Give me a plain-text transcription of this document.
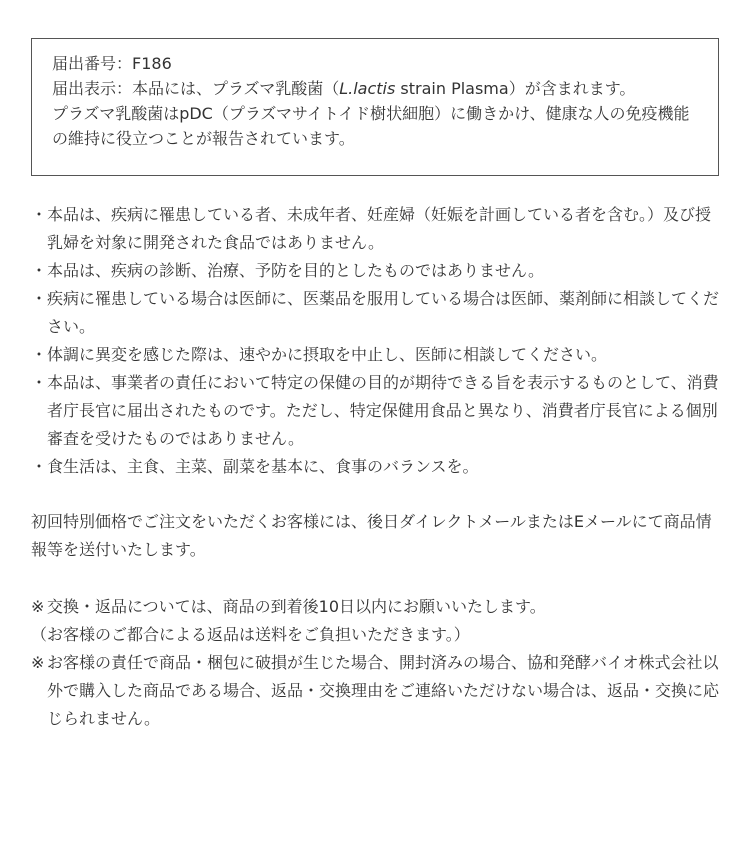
届出番号：F186

届出表示：本品には、プラズマ乳酸菌（L.lactis strain Plasma）が含まれます。

プラズマ乳酸菌はpDC（プラズマサイトイド樹状細胞）に働きかけ、健康な人の免疫機能の維持に役立つことが報告されています。

・ 本品は、疾病に罹患している者、未成年者、妊産婦（妊娠を計画している者を含む。）及び授乳婦を対象に開発された食品ではありません。
・ 本品は、疾病の診断、治療、予防を目的としたものではありません。
・ 疾病に罹患している場合は医師に、医薬品を服用している場合は医師、薬剤師に相談してください。
・ 体調に異変を感じた際は、速やかに摂取を中止し、医師に相談してください。
・ 本品は、事業者の責任において特定の保健の目的が期待できる旨を表示するものとして、消費者庁長官に届出されたものです。ただし、特定保健用食品と異なり、消費者庁長官による個別審査を受けたものではありません。
・ 食生活は、主食、主菜、副菜を基本に、食事のバランスを。

初回特別価格でご注文をいただくお客様には、後日ダイレクトメールまたはEメールにて商品情報等を送付いたします。

※ 交換・返品については、商品の到着後10日以内にお願いいたします。
（お客様のご都合による返品は送料をご負担いただきます。）
※ お客様の責任で商品・梱包に破損が生じた場合、開封済みの場合、協和発酵バイオ株式会社以外で購入した商品である場合、返品・交換理由をご連絡いただけない場合は、返品・交換に応じられません。
